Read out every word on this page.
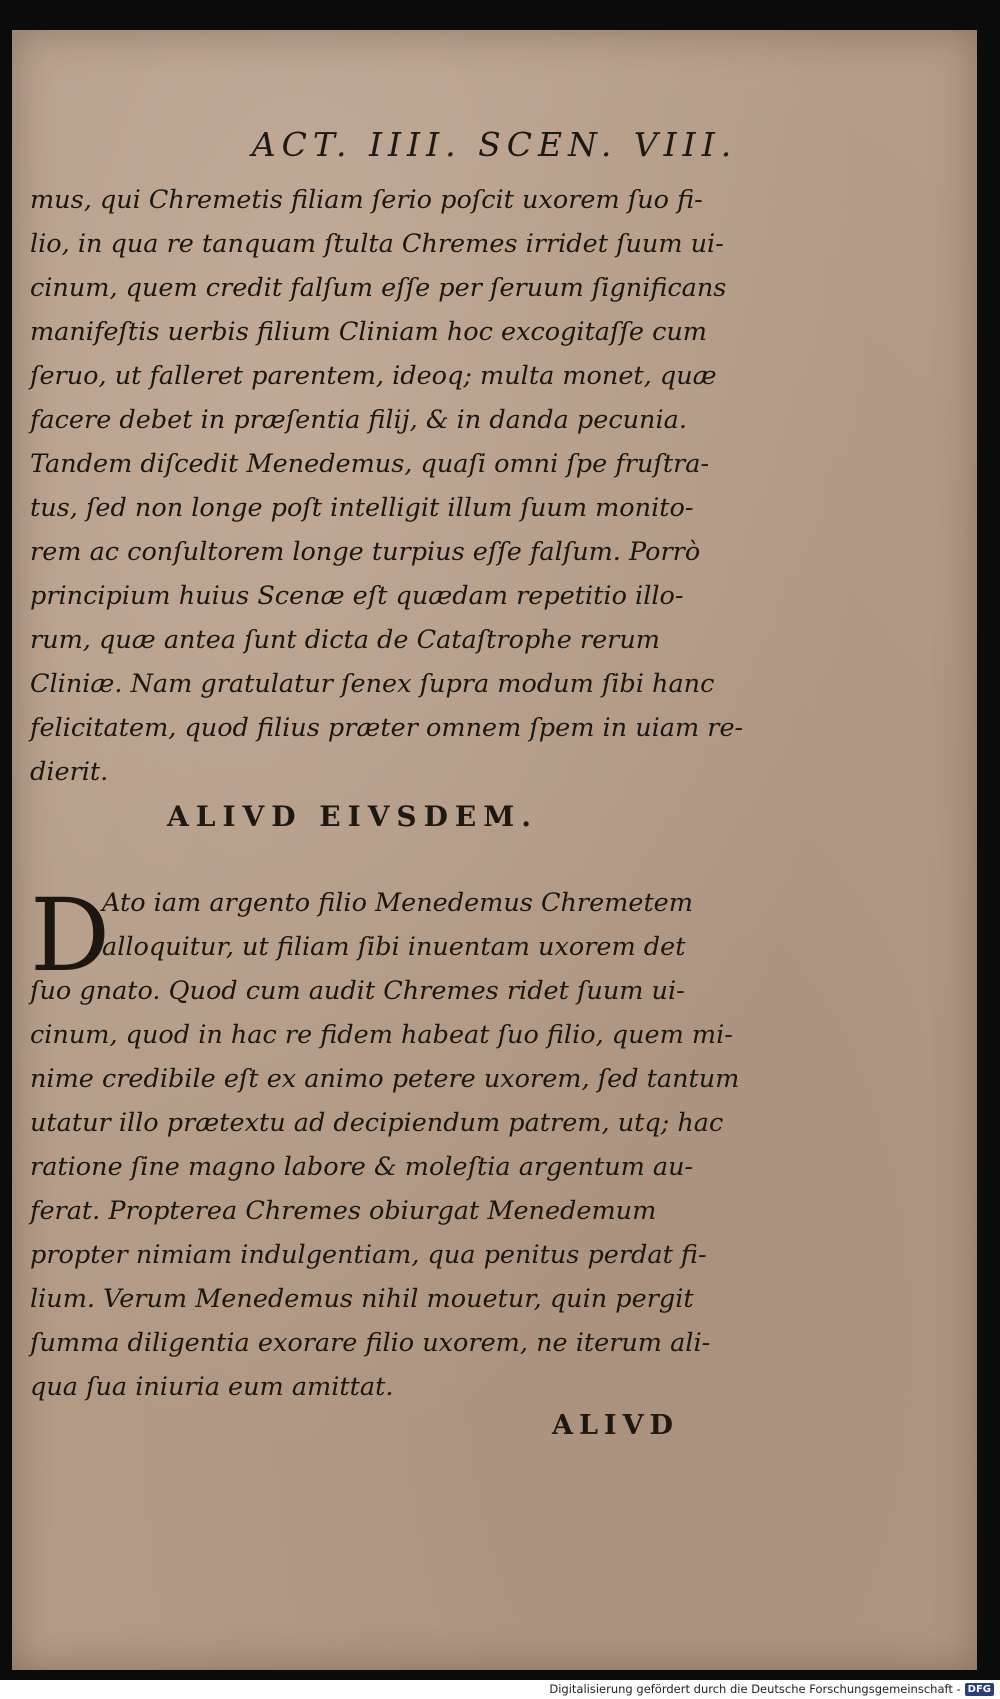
ACT. IIII. SCEN. VIII.
mus, qui Chremetis filiam ſerio poſcit uxorem ſuo fi-
lio, in qua re tanquam ſtulta Chremes irridet ſuum ui-
cinum, quem credit falſum eſſe per ſeruum ſignificans
manifeſtis uerbis filium Cliniam hoc excogitaſſe cum
ſeruo, ut falleret parentem, ideoq; multa monet, quæ
facere debet in præſentia filij, & in danda pecunia.
Tandem diſcedit Menedemus, quaſi omni ſpe fruſtra-
tus, ſed non longe poſt intelligit illum ſuum monito-
rem ac conſultorem longe turpius eſſe falſum. Porrò
principium huius Scenæ eſt quædam repetitio illo-
rum, quæ antea ſunt dicta de Cataſtrophe rerum
Cliniæ. Nam gratulatur ſenex ſupra modum ſibi hanc
felicitatem, quod filius præter omnem ſpem in uiam re-
dierit.
ALIVD EIVSDEM.
D
Ato iam argento filio Menedemus Chremetem
alloquitur, ut filiam ſibi inuentam uxorem det
ſuo gnato. Quod cum audit Chremes ridet ſuum ui-
cinum, quod in hac re fidem habeat ſuo filio, quem mi-
nime credibile eſt ex animo petere uxorem, ſed tantum
utatur illo prætextu ad decipiendum patrem, utq; hac
ratione ſine magno labore & moleſtia argentum au-
ferat. Propterea Chremes obiurgat Menedemum
propter nimiam indulgentiam, qua penitus perdat fi-
lium. Verum Menedemus nihil mouetur, quin pergit
ſumma diligentia exorare filio uxorem, ne iterum ali-
qua ſua iniuria eum amittat.
ALIVD
Digitalisierung gefördert durch die Deutsche Forschungsgemeinschaft - DFG
